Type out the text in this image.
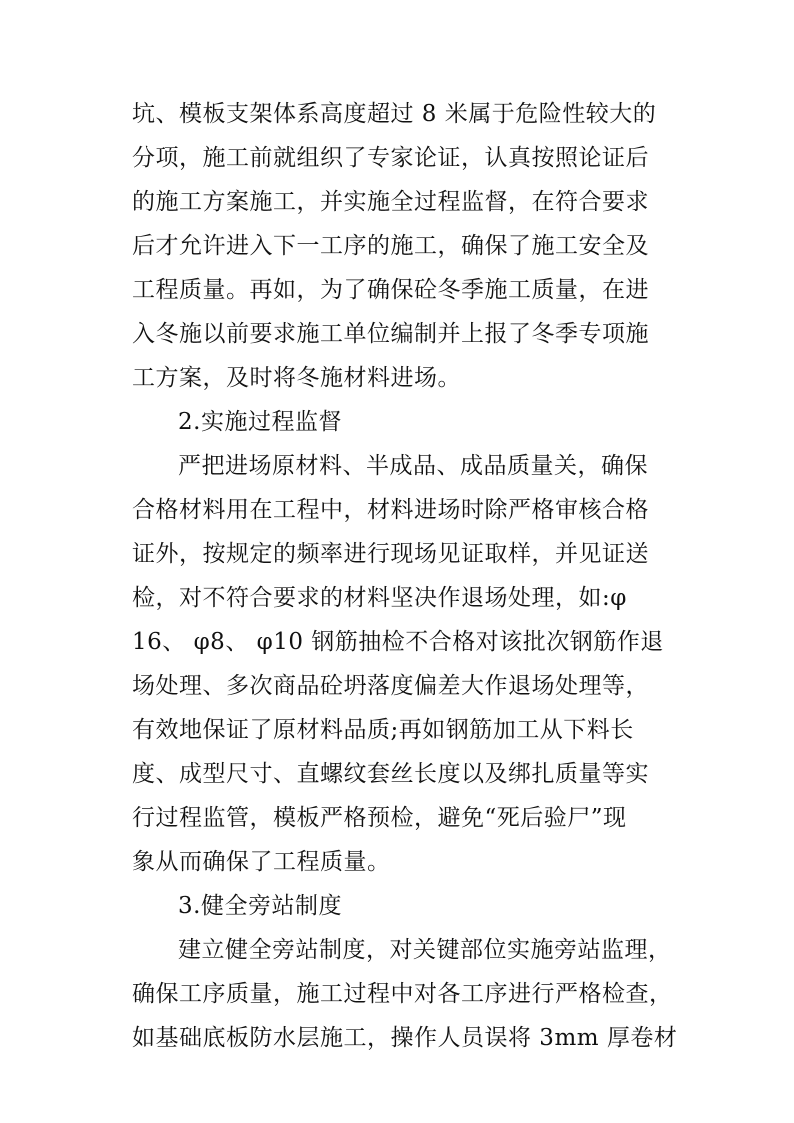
坑、模板支架体系高度超过 8 米属于危险性较大的
分项，施工前就组织了专家论证，认真按照论证后
的施工方案施工，并实施全过程监督，在符合要求
后才允许进入下一工序的施工，确保了施工安全及
工程质量。再如，为了确保砼冬季施工质量，在进
入冬施以前要求施工单位编制并上报了冬季专项施
工方案，及时将冬施材料进场。
2.实施过程监督
严把进场原材料、半成品、成品质量关，确保
合格材料用在工程中，材料进场时除严格审核合格
证外，按规定的频率进行现场见证取样，并见证送
检，对不符合要求的材料坚决作退场处理，如:φ
16、 φ8、 φ10 钢筋抽检不合格对该批次钢筋作退
场处理、多次商品砼坍落度偏差大作退场处理等，
有效地保证了原材料品质;再如钢筋加工从下料长
度、成型尺寸、直螺纹套丝长度以及绑扎质量等实
行过程监管，模板严格预检，避免“死后验尸”现
象从而确保了工程质量。
3.健全旁站制度
建立健全旁站制度，对关键部位实施旁站监理，
确保工序质量，施工过程中对各工序进行严格检查，
如基础底板防水层施工，操作人员误将 3mm 厚卷材
